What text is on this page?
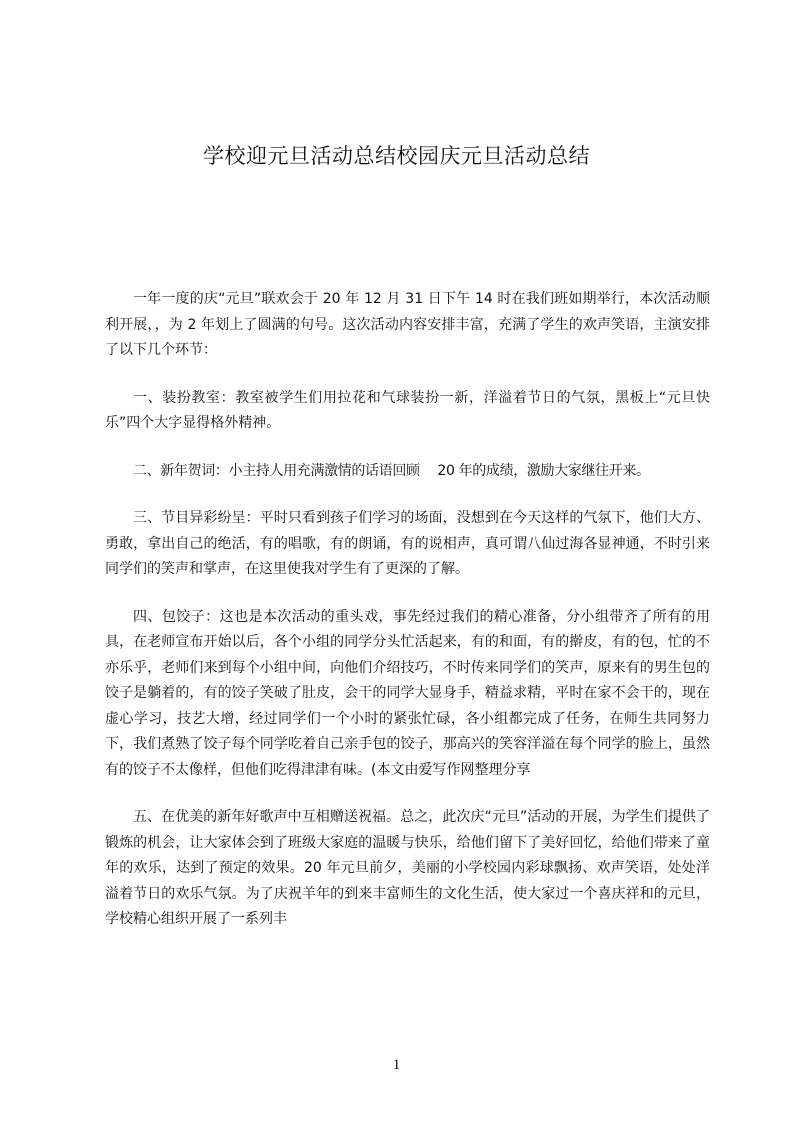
学校迎元旦活动总结校园庆元旦活动总结

一年一度的庆“元旦”联欢会于 20 年 12 月 31 日下午 14 时在我们班如期举行，本次活动顺利开展，，为 2 年划上了圆满的句号。这次活动内容安排丰富，充满了学生的欢声笑语，主演安排了以下几个环节：

一、装扮教室：教室被学生们用拉花和气球装扮一新，洋溢着节日的气氛，黑板上“元旦快乐”四个大字显得格外精神。

二、新年贺词：小主持人用充满激情的话语回顾　 20 年的成绩，激励大家继往开来。

三、节目异彩纷呈：平时只看到孩子们学习的场面，没想到在今天这样的气氛下，他们大方、勇敢，拿出自己的绝活，有的唱歌，有的朗诵，有的说相声，真可谓八仙过海各显神通，不时引来同学们的笑声和掌声，在这里使我对学生有了更深的了解。

四、包饺子：这也是本次活动的重头戏，事先经过我们的精心准备，分小组带齐了所有的用具，在老师宣布开始以后，各个小组的同学分头忙活起来，有的和面，有的擀皮，有的包，忙的不亦乐乎，老师们来到每个小组中间，向他们介绍技巧，不时传来同学们的笑声，原来有的男生包的饺子是躺着的，有的饺子笑破了肚皮，会干的同学大显身手，精益求精，平时在家不会干的，现在虚心学习，技艺大增，经过同学们一个小时的紧张忙碌，各小组都完成了任务，在师生共同努力下，我们煮熟了饺子每个同学吃着自己亲手包的饺子，那高兴的笑容洋溢在每个同学的脸上，虽然有的饺子不太像样，但他们吃得津津有味。(本文由爱写作网整理分享

五、在优美的新年好歌声中互相赠送祝福。总之，此次庆“元旦”活动的开展，为学生们提供了锻炼的机会，让大家体会到了班级大家庭的温暖与快乐，给他们留下了美好回忆，给他们带来了童年的欢乐，达到了预定的效果。20 年元旦前夕，美丽的小学校园内彩球飘扬、欢声笑语，处处洋溢着节日的欢乐气氛。为了庆祝羊年的到来丰富师生的文化生活，使大家过一个喜庆祥和的元旦，学校精心组织开展了一系列丰

1
